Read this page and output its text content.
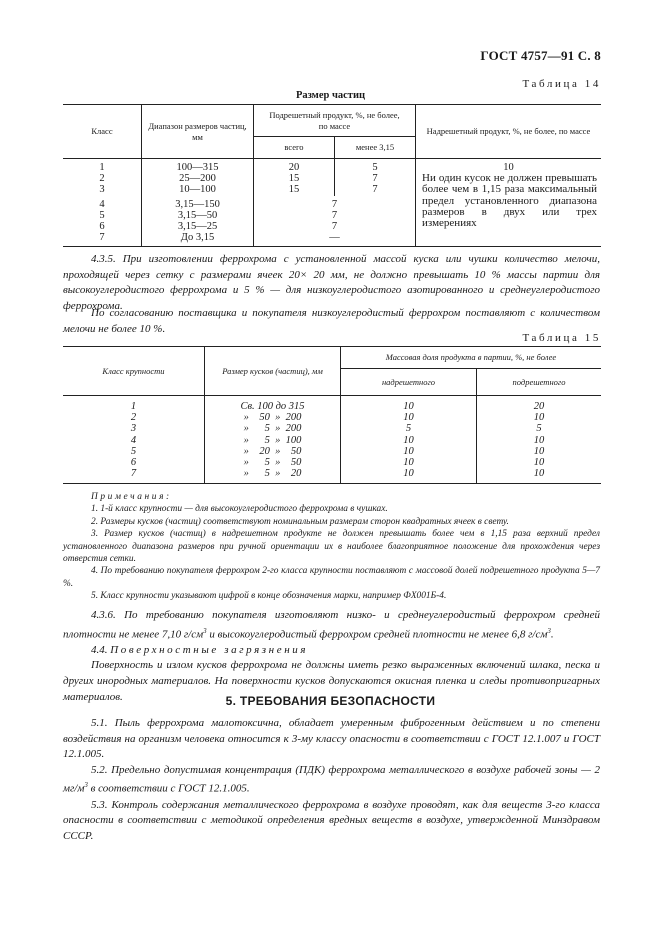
ГОСТ 4757—91 С. 8
Таблица 14
Размер частиц
Класс	Диапазон размеров частиц, мм	Подрешетный продукт, %, не более, по массе		Надрешетный продукт, %, не более, по массе
		всего	менее 3,15	
1	100—315	20	5	10
2	25—200	15	7	Ни один кусок не должен превышать более чем в 1,15 раза максимальный предел установленного диапазона размеров в двух или трех измерениях
3	10—100	15	7	
4	3,15—150	7		
5	3,15—50	7		
6	3,15—25	7		
7	До 3,15	—		

4.3.5. При изготовлении феррохрома с установленной массой куска или чушки количество мелочи, проходящей через сетку с размерами ячеек 20× 20 мм, не должно превышать 10 % массы партии для высокоуглеродистого феррохрома и 5 % — для низкоуглеродистого азотированного и среднеуглеродистого феррохрома.

По согласованию поставщика и покупателя низкоуглеродистый феррохром поставляют с количеством мелочи не более 10 %.

Таблица 15
Класс крупности	Размер кусков (частиц), мм	Массовая доля продукта в партии, %, не более	
		надрешетного	подрешетного
1	Св. 100 до 315	10	20
2	»    50  »  200	10	10
3	»      5  »  200	5	5
4	»      5  »  100	10	10
5	»    20  »    50	10	10
6	»      5  »    50	10	10
7	»      5  »    20	10	10

Примечания:

1. 1-й класс крупности — для высокоуглеродистого феррохрома в чушках.

2. Размеры кусков (частиц) соответствуют номинальным размерам сторон квадратных ячеек в свету.

3. Размер кусков (частиц) в надрешетном продукте не должен превышать более чем в 1,15 раза верхний предел установленного диапазона размеров при ручной ориентации их в наиболее благоприятное положение для прохождения через отверстия сетки.

4. По требованию покупателя феррохром 2-го класса крупности поставляют с массовой долей подрешетного продукта 5—7 %.

5. Класс крупности указывают цифрой в конце обозначения марки, например ФХ001Б-4.

4.3.6. По требованию покупателя изготовляют низко- и среднеуглеродистый феррохром средней плотности не менее 7,10 $г/см^3$ и высокоуглеродистый феррохром средней плотности не менее 6,8 $г/см^3$.

4.4. Поверхностные загрязнения

Поверхность и излом кусков феррохрома не должны иметь резко выраженных включений шлака, песка и других инородных материалов. На поверхности кусков допускаются окисная пленка и следы противопригарных материалов.	5. ТРЕБОВАНИЯ БЕЗОПАСНОСТИ

5.1. Пыль феррохрома малотоксична, обладает умеренным фиброгенным действием и по степени воздействия на организм человека относится к 3-му классу опасности в соответствии с ГОСТ 12.1.007 и ГОСТ 12.1.005.

5.2. Предельно допустимая концентрация (ПДК) феррохрома металлического в воздухе рабочей зоны — 2 $мг/м^3$ в соответствии с ГОСТ 12.1.005.

5.3. Контроль содержания металлического феррохрома в воздухе проводят, как для веществ 3-го класса опасности в соответствии с методикой определения вредных веществ в воздухе, утвержденной Минздравом СССР.
